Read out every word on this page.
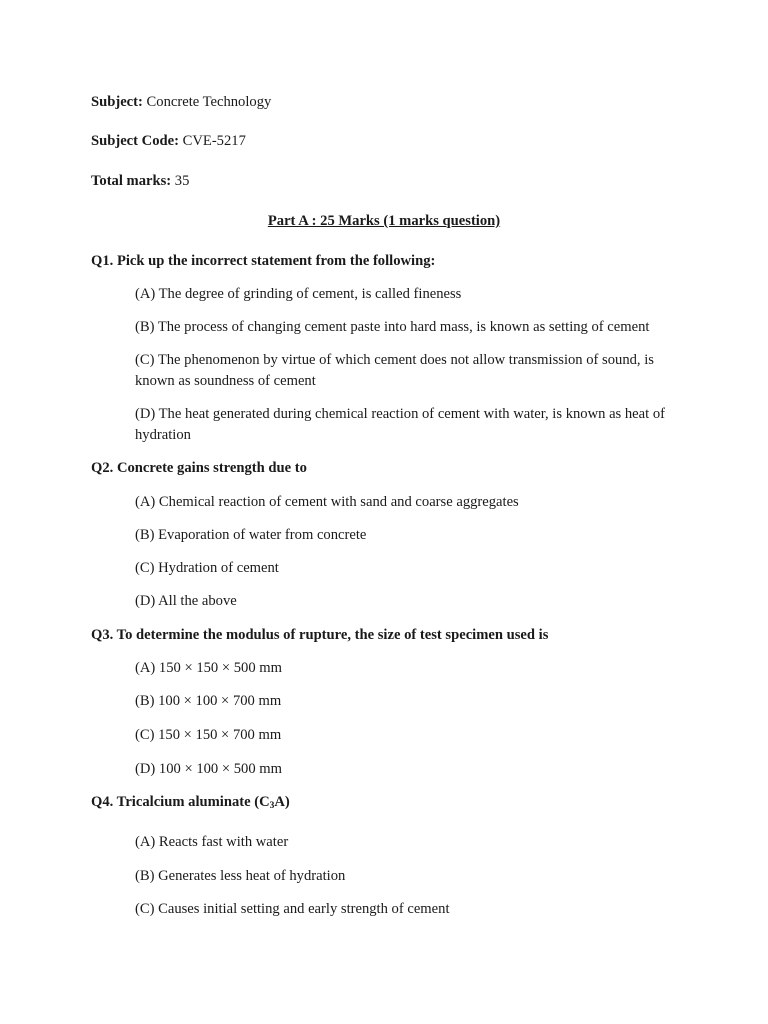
Subject: Concrete Technology
Subject Code: CVE-5217
Total marks: 35
Part A : 25 Marks (1 marks question)
Q1. Pick up the incorrect statement from the following:
(A) The degree of grinding of cement, is called fineness
(B) The process of changing cement paste into hard mass, is known as setting of cement
(C) The phenomenon by virtue of which cement does not allow transmission of sound, is known as soundness of cement
(D) The heat generated during chemical reaction of cement with water, is known as heat of hydration
Q2. Concrete gains strength due to
(A) Chemical reaction of cement with sand and coarse aggregates
(B) Evaporation of water from concrete
(C) Hydration of cement
(D) All the above
Q3. To determine the modulus of rupture, the size of test specimen used is
(A) 150 × 150 × 500 mm
(B) 100 × 100 × 700 mm
(C) 150 × 150 × 700 mm
(D) 100 × 100 × 500 mm
Q4. Tricalcium aluminate $(C_3A)$
(A) Reacts fast with water
(B) Generates less heat of hydration
(C) Causes initial setting and early strength of cement
